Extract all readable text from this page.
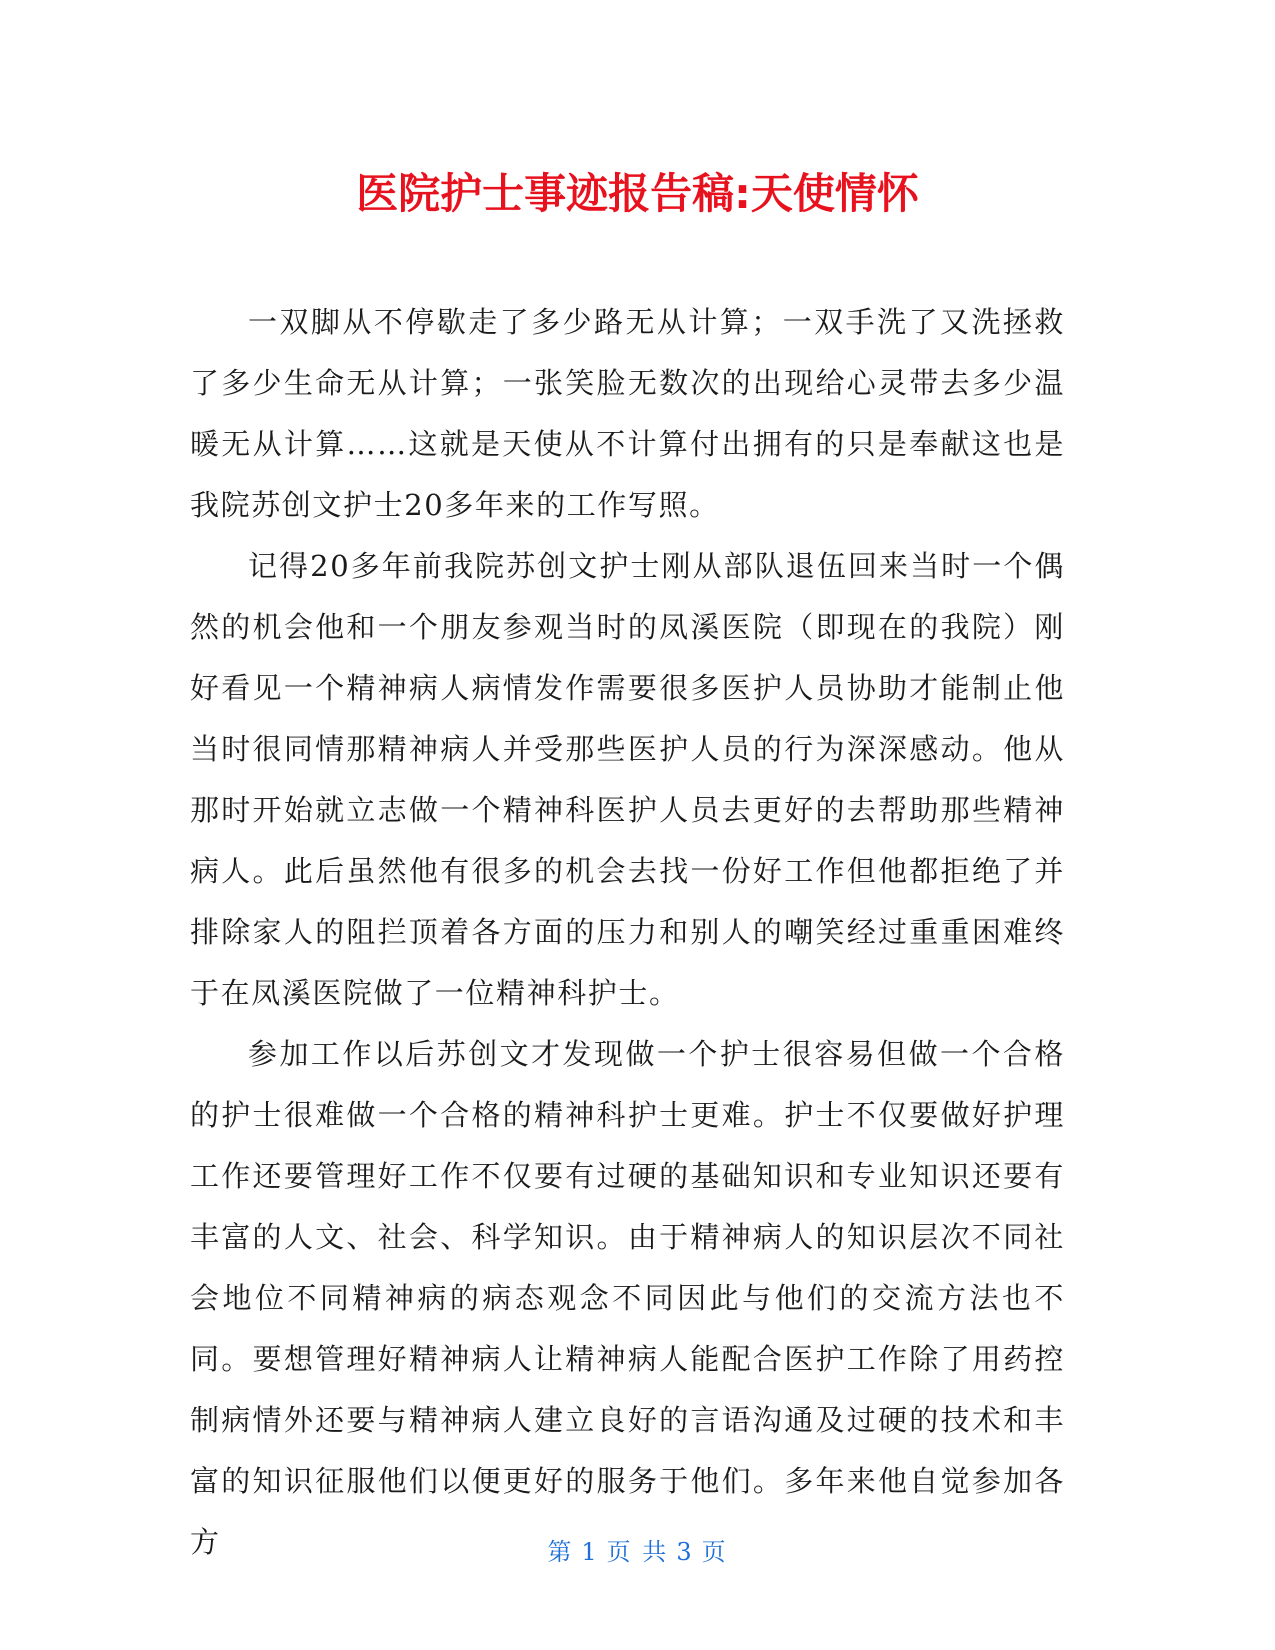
医院护士事迹报告稿:天使情怀

一双脚从不停歇走了多少路无从计算；一双手洗了又洗拯救了多少生命无从计算；一张笑脸无数次的出现给心灵带去多少温暖无从计算……这就是天使从不计算付出拥有的只是奉献这也是我院苏创文护士20多年来的工作写照。

记得20多年前我院苏创文护士刚从部队退伍回来当时一个偶然的机会他和一个朋友参观当时的凤溪医院（即现在的我院）刚好看见一个精神病人病情发作需要很多医护人员协助才能制止他当时很同情那精神病人并受那些医护人员的行为深深感动。他从那时开始就立志做一个精神科医护人员去更好的去帮助那些精神病人。此后虽然他有很多的机会去找一份好工作但他都拒绝了并排除家人的阻拦顶着各方面的压力和别人的嘲笑经过重重困难终于在凤溪医院做了一位精神科护士。

参加工作以后苏创文才发现做一个护士很容易但做一个合格的护士很难做一个合格的精神科护士更难。护士不仅要做好护理工作还要管理好工作不仅要有过硬的基础知识和专业知识还要有丰富的人文、社会、科学知识。由于精神病人的知识层次不同社会地位不同精神病的病态观念不同因此与他们的交流方法也不同。要想管理好精神病人让精神病人能配合医护工作除了用药控制病情外还要与精神病人建立良好的言语沟通及过硬的技术和丰富的知识征服他们以便更好的服务于他们。多年来他自觉参加各方	第 1 页 共 3 页
